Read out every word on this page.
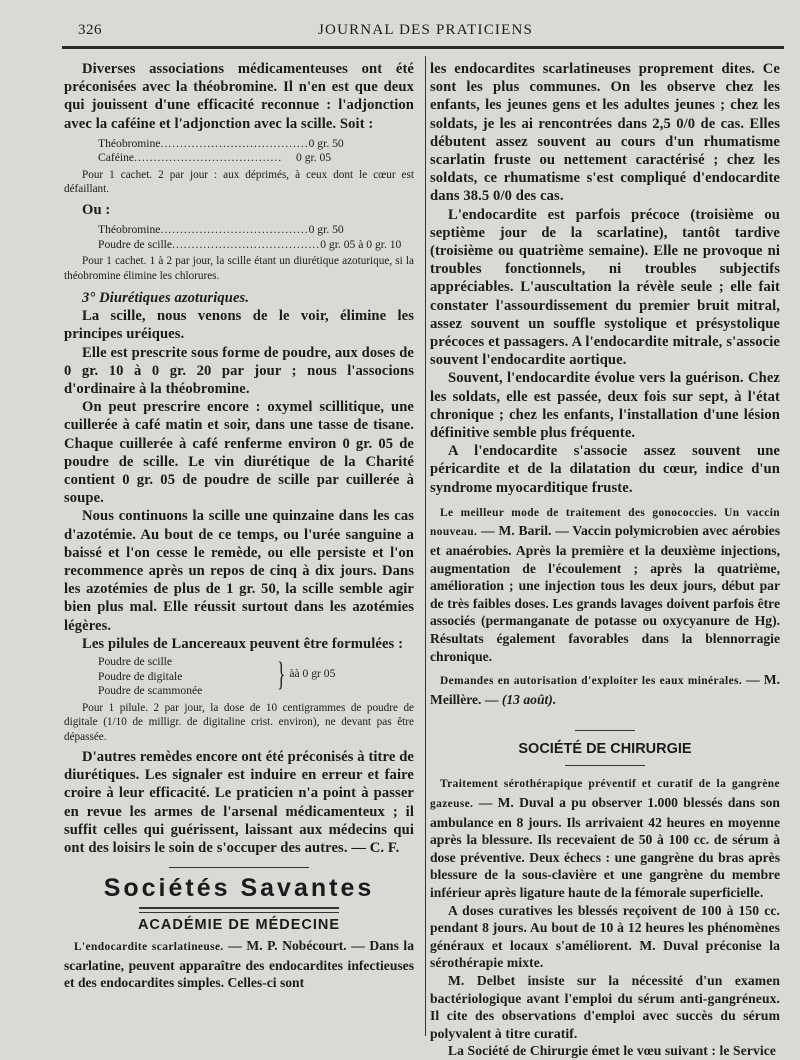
326	JOURNAL DES PRATICIENS

Diverses associations médicamenteuses ont été préconisées avec la théobromine. Il n'en est que deux qui jouissent d'une efficacité reconnue : l'adjonction avec la caféine et l'adjonction avec la scille. Soit :

Théobromine ...................................... 0 gr. 50
Caféine ......................................	0 gr. 05

Pour 1 cachet. 2 par jour : aux déprimés, à ceux dont le cœur est défaillant.

Ou :

Théobromine ...................................... 0 gr. 50
Poudre de scille ...................................... 0 gr. 05 à 0 gr. 10

Pour 1 cachet. 1 à 2 par jour, la scille étant un diurétique azoturique, si la théobromine élimine les chlorures.

3° Diurétiques azoturiques.

La scille, nous venons de le voir, élimine les principes uréiques.

Elle est prescrite sous forme de poudre, aux doses de 0 gr. 10 à 0 gr. 20 par jour ; nous l'associons d'ordinaire à la théobromine.

On peut prescrire encore : oxymel scillitique, une cuillerée à café matin et soir, dans une tasse de tisane. Chaque cuillerée à café renferme environ 0 gr. 05 de poudre de scille. Le vin diurétique de la Charité contient 0 gr. 05 de poudre de scille par cuillerée à soupe.

Nous continuons la scille une quinzaine dans les cas d'azotémie. Au bout de ce temps, ou l'urée sanguine a baissé et l'on cesse le remède, ou elle persiste et l'on recommence après un repos de cinq à dix jours. Dans les azotémies de plus de 1 gr. 50, la scille semble agir bien plus mal. Elle réussit surtout dans les azotémies légères.

Les pilules de Lancereaux peuvent être formulées :

Poudre de scille
Poudre de digitale
Poudre de scammonée	} àà 0 gr 05

Pour 1 pilule. 2 par jour, la dose de 10 centigrammes de poudre de digitale (1/10 de milligr. de digitaline crist. environ), ne devant pas être dépassée.

D'autres remèdes encore ont été préconisés à titre de diurétiques. Les signaler est induire en erreur et faire croire à leur efficacité. Le praticien n'a point à passer en revue les armes de l'arsenal médicamenteux ; il suffit celles qui guérissent, laissant aux médecins qui ont des loisirs le soin de s'occuper des autres. — C. F.

Sociétés Savantes
ACADÉMIE DE MÉDECINE

L'endocardite scarlatineuse. — M. P. Nobécourt. — Dans la scarlatine, peuvent apparaître des endocardites infectieuses et des endocardites simples. Celles-ci sont

les endocardites scarlatineuses proprement dites. Ce sont les plus communes. On les observe chez les enfants, les jeunes gens et les adultes jeunes ; chez les soldats, je les ai rencontrées dans 2,5 0/0 de cas. Elles débutent assez souvent au cours d'un rhumatisme scarlatin fruste ou nettement caractérisé ; chez les soldats, ce rhumatisme s'est compliqué d'endocardite dans 38.5 0/0 des cas.

L'endocardite est parfois précoce (troisième ou septième jour de la scarlatine), tantôt tardive (troisième ou quatrième semaine). Elle ne provoque ni troubles fonctionnels, ni troubles subjectifs appréciables. L'auscultation la révèle seule ; elle fait constater l'assourdissement du premier bruit mitral, assez souvent un souffle systolique et présystolique précoces et passagers. A l'endocardite mitrale, s'associe souvent l'endocardite aortique.

Souvent, l'endocardite évolue vers la guérison. Chez les soldats, elle est passée, deux fois sur sept, à l'état chronique ; chez les enfants, l'installation d'une lésion définitive semble plus fréquente.

A l'endocardite s'associe assez souvent une péricardite et de la dilatation du cœur, indice d'un syndrome myocarditique fruste.

Le meilleur mode de traitement des gonococcies. Un vaccin nouveau. — M. Baril. — Vaccin polymicrobien avec aérobies et anaérobies. Après la première et la deuxième injections, augmentation de l'écoulement ; après la quatrième, amélioration ; une injection tous les deux jours, début par de très faibles doses. Les grands lavages doivent parfois être associés (permanganate de potasse ou oxycyanure de Hg). Résultats également favorables dans la blennorragie chronique.

Demandes en autorisation d'exploiter les eaux minérales. — M. Meillère. — (13 août).

SOCIÉTÉ DE CHIRURGIE

Traitement sérothérapique préventif et curatif de la gangrène gazeuse. — M. Duval a pu observer 1.000 blessés dans son ambulance en 8 jours. Ils arrivaient 42 heures en moyenne après la blessure. Ils recevaient de 50 à 100 cc. de sérum à dose préventive. Deux échecs : une gangrène du bras après blessure de la sous-clavière et une gangrène du membre inférieur après ligature haute de la fémorale superficielle.

A doses curatives les blessés reçoivent de 100 à 150 cc. pendant 8 jours. Au bout de 10 à 12 heures les phénomènes généraux et locaux s'améliorent. M. Duval préconise la sérothérapie mixte.

M. Delbet insiste sur la nécessité d'un examen bactériologique avant l'emploi du sérum anti-gangréneux. Il cite des observations d'emploi avec succès du sérum polyvalent à titre curatif.

La Société de Chirurgie émet le vœu suivant : le Service
